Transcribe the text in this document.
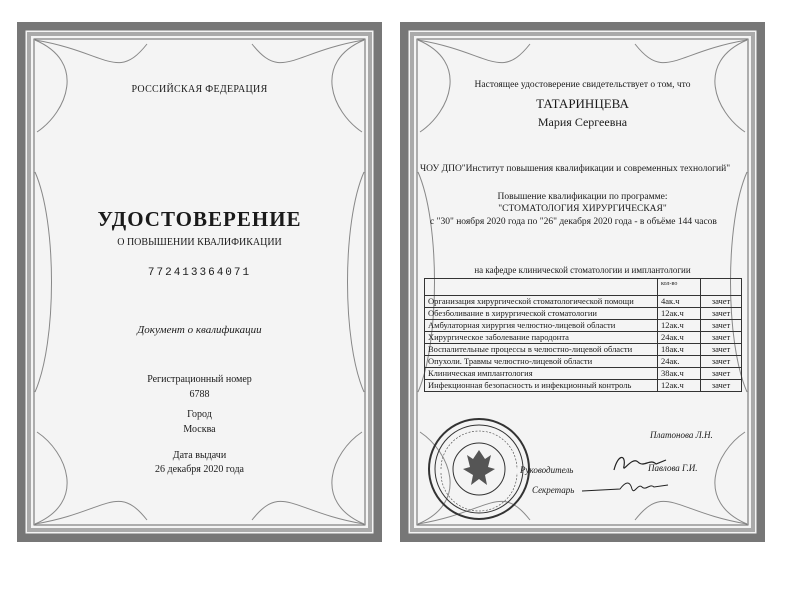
РОССИЙСКАЯ ФЕДЕРАЦИЯ
УДОСТОВЕРЕНИЕ
О ПОВЫШЕНИИ КВАЛИФИКАЦИИ
772413364071
Документ о квалификации
Регистрационный номер
6788
Город
Москва
Дата выдачи
26 декабря 2020 года
Настоящее удостоверение свидетельствует о том, что
ТАТАРИНЦЕВА
Мария Сергеевна
ЧОУ ДПО"Институт повышения квалификации и современных технологий"
Повышение квалификации по программе:
"СТОМАТОЛОГИЯ ХИРУРГИЧЕСКАЯ"
с "30" ноября 2020 года по "26" декабря 2020 года - в объёме 144 часов
на кафедре клинической стоматологии и имплантологии
	кол-во	
Организация хирургической стоматологической помощи	4ак.ч	зачет
Обезболивание в хирургической стоматологии	12ак.ч	зачет
Амбулаторная хирургия челюстно-лицевой области	12ак.ч	зачет
Хирургическое заболевание пародонта	24ак.ч	зачет
Воспалительные процессы в челюстно-лицевой области	18ак.ч	зачет
Опухоли. Травмы челюстно-лицевой области	24ак.	зачет
Клиническая имплантология	38ак.ч	зачет
Инфекционная безопасность и инфекционный контроль	12ак.ч	зачет
Платонова Л.Н.
Руководитель	Павлова Г.И.
Секретарь
